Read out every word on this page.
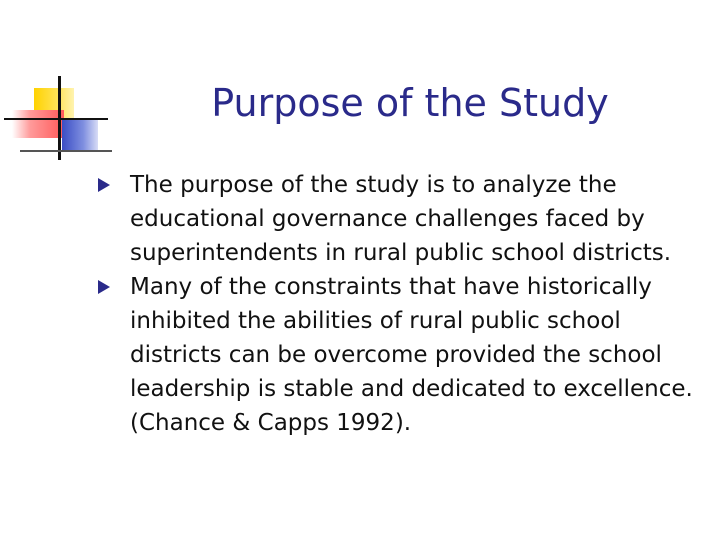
Purpose of the Study
The purpose of the study is to analyze the educational governance challenges faced by superintendents in rural public school districts.
Many of the constraints that have historically inhibited the abilities of rural public school districts can be overcome provided the school leadership is stable and dedicated to excellence. (Chance & Capps 1992).
